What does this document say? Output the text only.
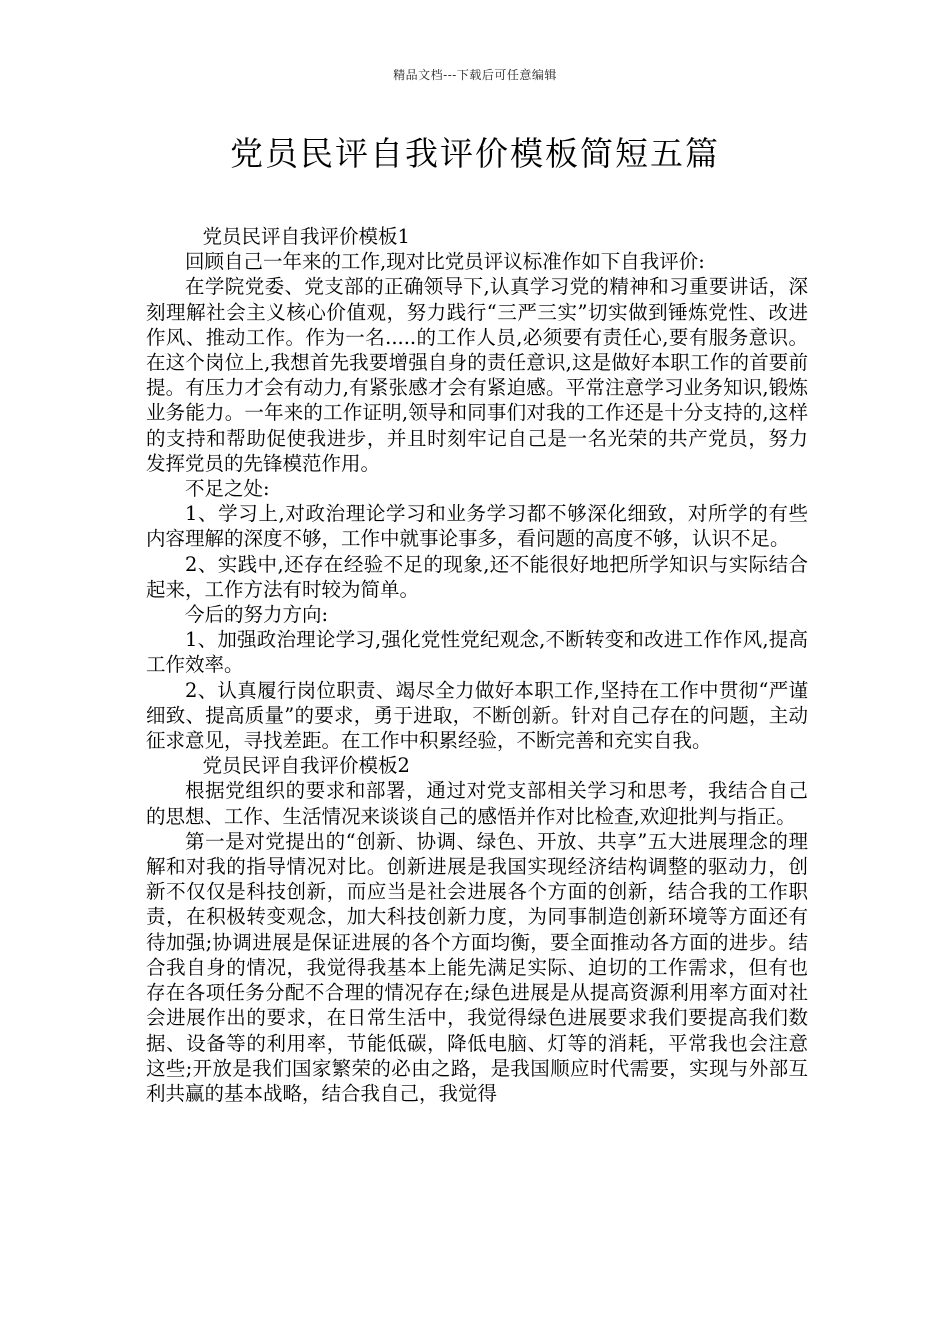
精品文档---下载后可任意编辑
党员民评自我评价模板简短五篇

党员民评自我评价模板1

回顾自己一年来的工作,现对比党员评议标准作如下自我评价:

在学院党委、党支部的正确领导下,认真学习党的精神和习重要讲话，深刻理解社会主义核心价值观，努力践行“三严三实”切实做到锤炼党性、改进作风、推动工作。作为一名.....的工作人员,必须要有责任心,要有服务意识。在这个岗位上,我想首先我要增强自身的责任意识,这是做好本职工作的首要前提。有压力才会有动力,有紧张感才会有紧迫感。平常注意学习业务知识,锻炼业务能力。一年来的工作证明,领导和同事们对我的工作还是十分支持的,这样的支持和帮助促使我进步，并且时刻牢记自己是一名光荣的共产党员，努力发挥党员的先锋模范作用。

不足之处:

1、学习上,对政治理论学习和业务学习都不够深化细致，对所学的有些内容理解的深度不够，工作中就事论事多，看问题的高度不够，认识不足。

2、实践中,还存在经验不足的现象,还不能很好地把所学知识与实际结合起来，工作方法有时较为简单。

今后的努力方向:

1、加强政治理论学习,强化党性党纪观念,不断转变和改进工作作风,提高工作效率。

2、认真履行岗位职责、竭尽全力做好本职工作,坚持在工作中贯彻“严谨细致、提高质量”的要求，勇于进取，不断创新。针对自己存在的问题，主动征求意见，寻找差距。在工作中积累经验，不断完善和充实自我。

党员民评自我评价模板2

根据党组织的要求和部署，通过对党支部相关学习和思考，我结合自己的思想、工作、生活情况来谈谈自己的感悟并作对比检查,欢迎批判与指正。

第一是对党提出的“创新、协调、绿色、开放、共享”五大进展理念的理解和对我的指导情况对比。创新进展是我国实现经济结构调整的驱动力，创新不仅仅是科技创新，而应当是社会进展各个方面的创新，结合我的工作职责，在积极转变观念，加大科技创新力度，为同事制造创新环境等方面还有待加强;协调进展是保证进展的各个方面均衡，要全面推动各方面的进步。结合我自身的情况，我觉得我基本上能先满足实际、迫切的工作需求，但有也存在各项任务分配不合理的情况存在;绿色进展是从提高资源利用率方面对社会进展作出的要求，在日常生活中，我觉得绿色进展要求我们要提高我们数据、设备等的利用率，节能低碳，降低电脑、灯等的消耗，平常我也会注意这些;开放是我们国家繁荣的必由之路，是我国顺应时代需要，实现与外部互利共赢的基本战略，结合我自己，我觉得
